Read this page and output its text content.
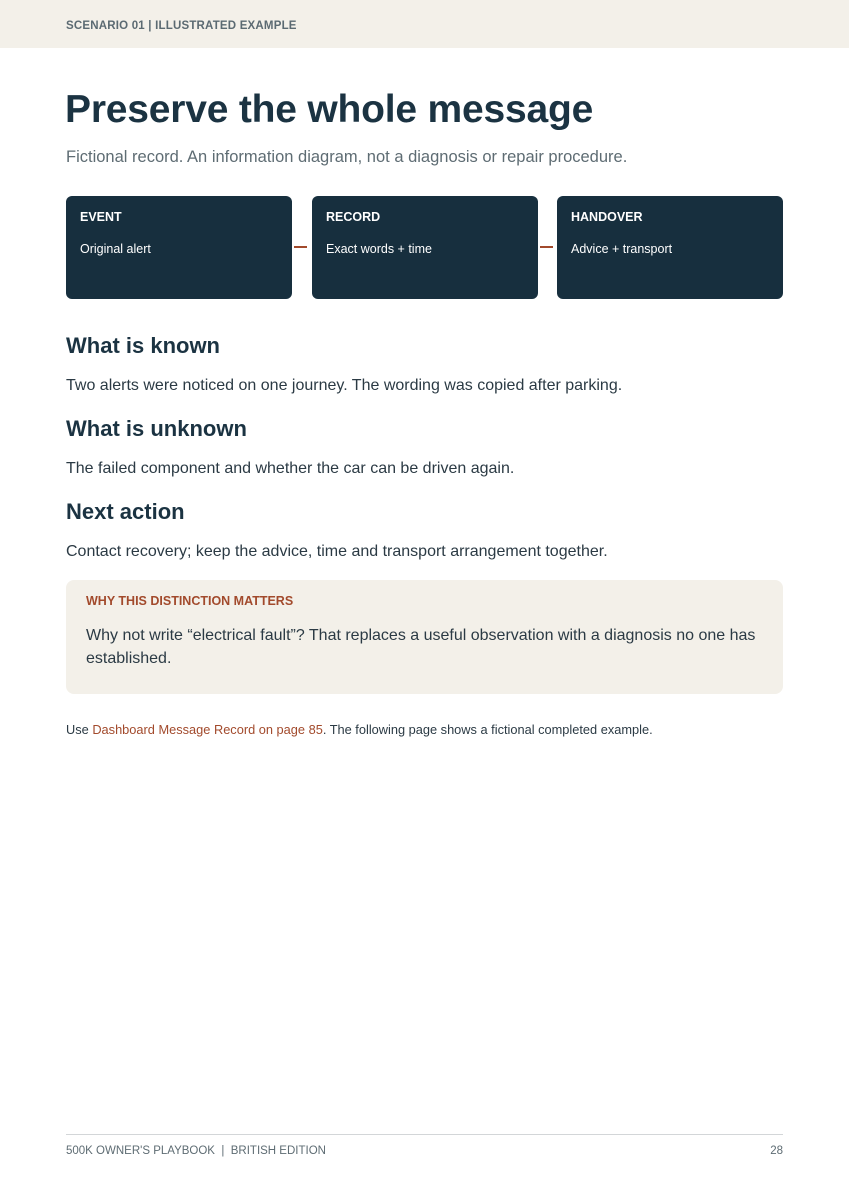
SCENARIO 01 | ILLUSTRATED EXAMPLE
Preserve the whole message

Fictional record. An information diagram, not a diagnosis or repair procedure.

EVENT
Original alert
RECORD
Exact words + time
HANDOVER
Advice + transport
What is known

Two alerts were noticed on one journey. The wording was copied after parking.

What is unknown

The failed component and whether the car can be driven again.

Next action

Contact recovery; keep the advice, time and transport arrangement together.

WHY THIS DISTINCTION MATTERS

Why not write “electrical fault”? That replaces a useful observation with a diagnosis no one has established.

Use Dashboard Message Record on page 85. The following page shows a fictional completed example.

500K OWNER'S PLAYBOOK  |  BRITISH EDITION	28
